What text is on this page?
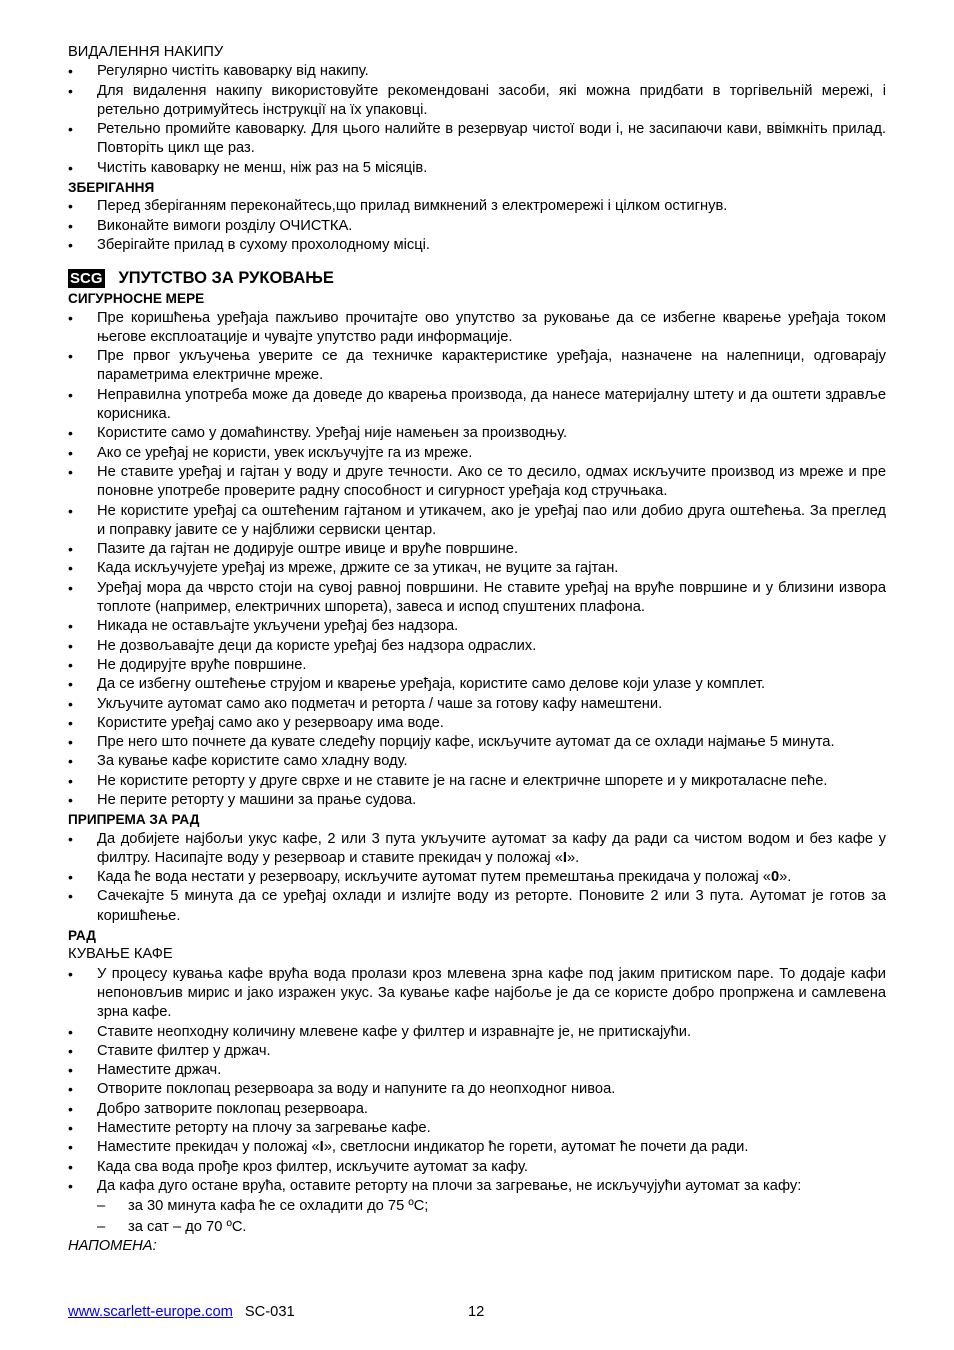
ВИДАЛЕННЯ НАКИПУ
•	Регулярно чистіть кавоварку від накипу.
•	Для видалення накипу використовуйте рекомендовані засоби, які можна придбати в торгівельній мережі, і ретельно дотримуйтесь інструкції на їх упаковці.
•	Ретельно промийте кавоварку. Для цього налийте в резервуар чистої води і, не засипаючи кави, ввімкніть прилад. Повторіть цикл ще раз.
•	Чистіть кавоварку не менш, ніж раз на 5 місяців.
ЗБЕРІГАННЯ
•	Перед зберіганням переконайтесь,що прилад вимкнений з електромережі і цілком остигнув.
•	Виконайте вимоги розділу ОЧИСТКА.
•	Зберігайте прилад в сухому прохолодному місці.
SCG УПУТСТВО ЗА РУКОВАЊЕ
СИГУРНОСНЕ МЕРЕ
•	Пре коришћења уређаја пажљиво прочитајте ово упутство за руковање да се избегне кварење уређаја током његове експлоатације и чувајте упутство ради информације.
•	Пре првог укључења уверите се да техничке карактеристике уређаја, назначене на налепници, одговарају параметрима електричне мреже.
•	Неправилна употреба може да доведе до кварења производа, да нанесе материјалну штету и да оштети здравље корисника.
•	Користите само у домаћинству. Уређај није намењен за производњу.
•	Ако се уређај не користи, увек искључујте га из мреже.
•	Не ставите уређај и гајтан у воду и друге течности. Ако се то десило, одмах искључите производ из мреже и пре поновне употребе проверите радну способност и сигурност уређаја код стручњака.
•	Не користите уређај са оштећеним гајтаном и утикачем, ако је уређај пао или добио друга оштећења. За преглед и поправку јавите се у најближи сервиски центар.
•	Пазите да гајтан не додирује оштре ивице и вруће површине.
•	Када искључујете уређај из мреже, држите се за утикач, не вуците за гајтан.
•	Уређај мора да чврсто стоји на сувој равној површини. Не ставите уређај на вруће површине и у близини извора топлоте (например, електричних шпорета), завеса и испод спуштених плафона.
•	Никада не остављајте укључени уређај без надзора.
•	Не дозвољавајте деци да користе уређај без надзора одраслих.
•	Не додирујте вруће површине.
•	Да се избегну оштећење струјом и кварење уређаја, користите само делове који улазе у комплет.
•	Укључите аутомат само ако подметач и реторта / чаше за готову кафу намештени.
•	Користите уређај само ако у резервоару има воде.
•	Пре него што почнете да кувате следећу порцију кафе, искључите аутомат да се охлади најмање 5 минута.
•	За кување кафе користите само хладну воду.
•	Не користите реторту у друге сврхе и не ставите је на гасне и електричне шпорете и у микроталасне пеће.
•	Не перите реторту у машини за прање судова.
ПРИПРЕМА ЗА РАД
•	Да добијете најбољи укус кафе, 2 или 3 пута укључите аутомат за кафу да ради са чистом водом и без кафе у филтру. Насипајте воду у резервоар и ставите прекидач у положај «I».
•	Када ће вода нестати у резервоару, искључите аутомат путем премештања прекидача у положај «0».
•	Сачекајте 5 минута да се уређај охлади и излијте воду из реторте. Поновите 2 или 3 пута. Аутомат је готов за коришћење.
РАД
КУВАЊЕ КАФЕ
•	У процесу кувања кафе врућа вода пролази кроз млевена зрна кафе под јаким притиском паре. То додаје кафи непоновљив мирис и јако изражен укус. За кување кафе најбоље је да се користе добро пропржена и самлевена зрна кафе.
•	Ставите неопходну количину млевене кафе у филтер и изравнајте је, не притискајући.
•	Ставите филтер у држач.
•	Наместите држач.
•	Отворите поклопац резервоара за воду и напуните га до неопходног нивоа.
•	Добро затворите поклопац резервоара.
•	Наместите реторту на плочу за загревање кафе.
•	Наместите прекидач у положај «I», светлосни индикатор ће горети, аутомат ће почети да ради.
•	Када сва вода прође кроз филтер, искључите аутомат за кафу.
•	Да кафа дуго остане врућа, оставите реторту на плочи за загревање, не искључујући аутомат за кафу:
– за 30 минута кафа ће се охладити до 75 ºС;
– за сат – до 70 ºС.
НАПОМЕНА:
www.scarlett-europe.com SC-031	12
